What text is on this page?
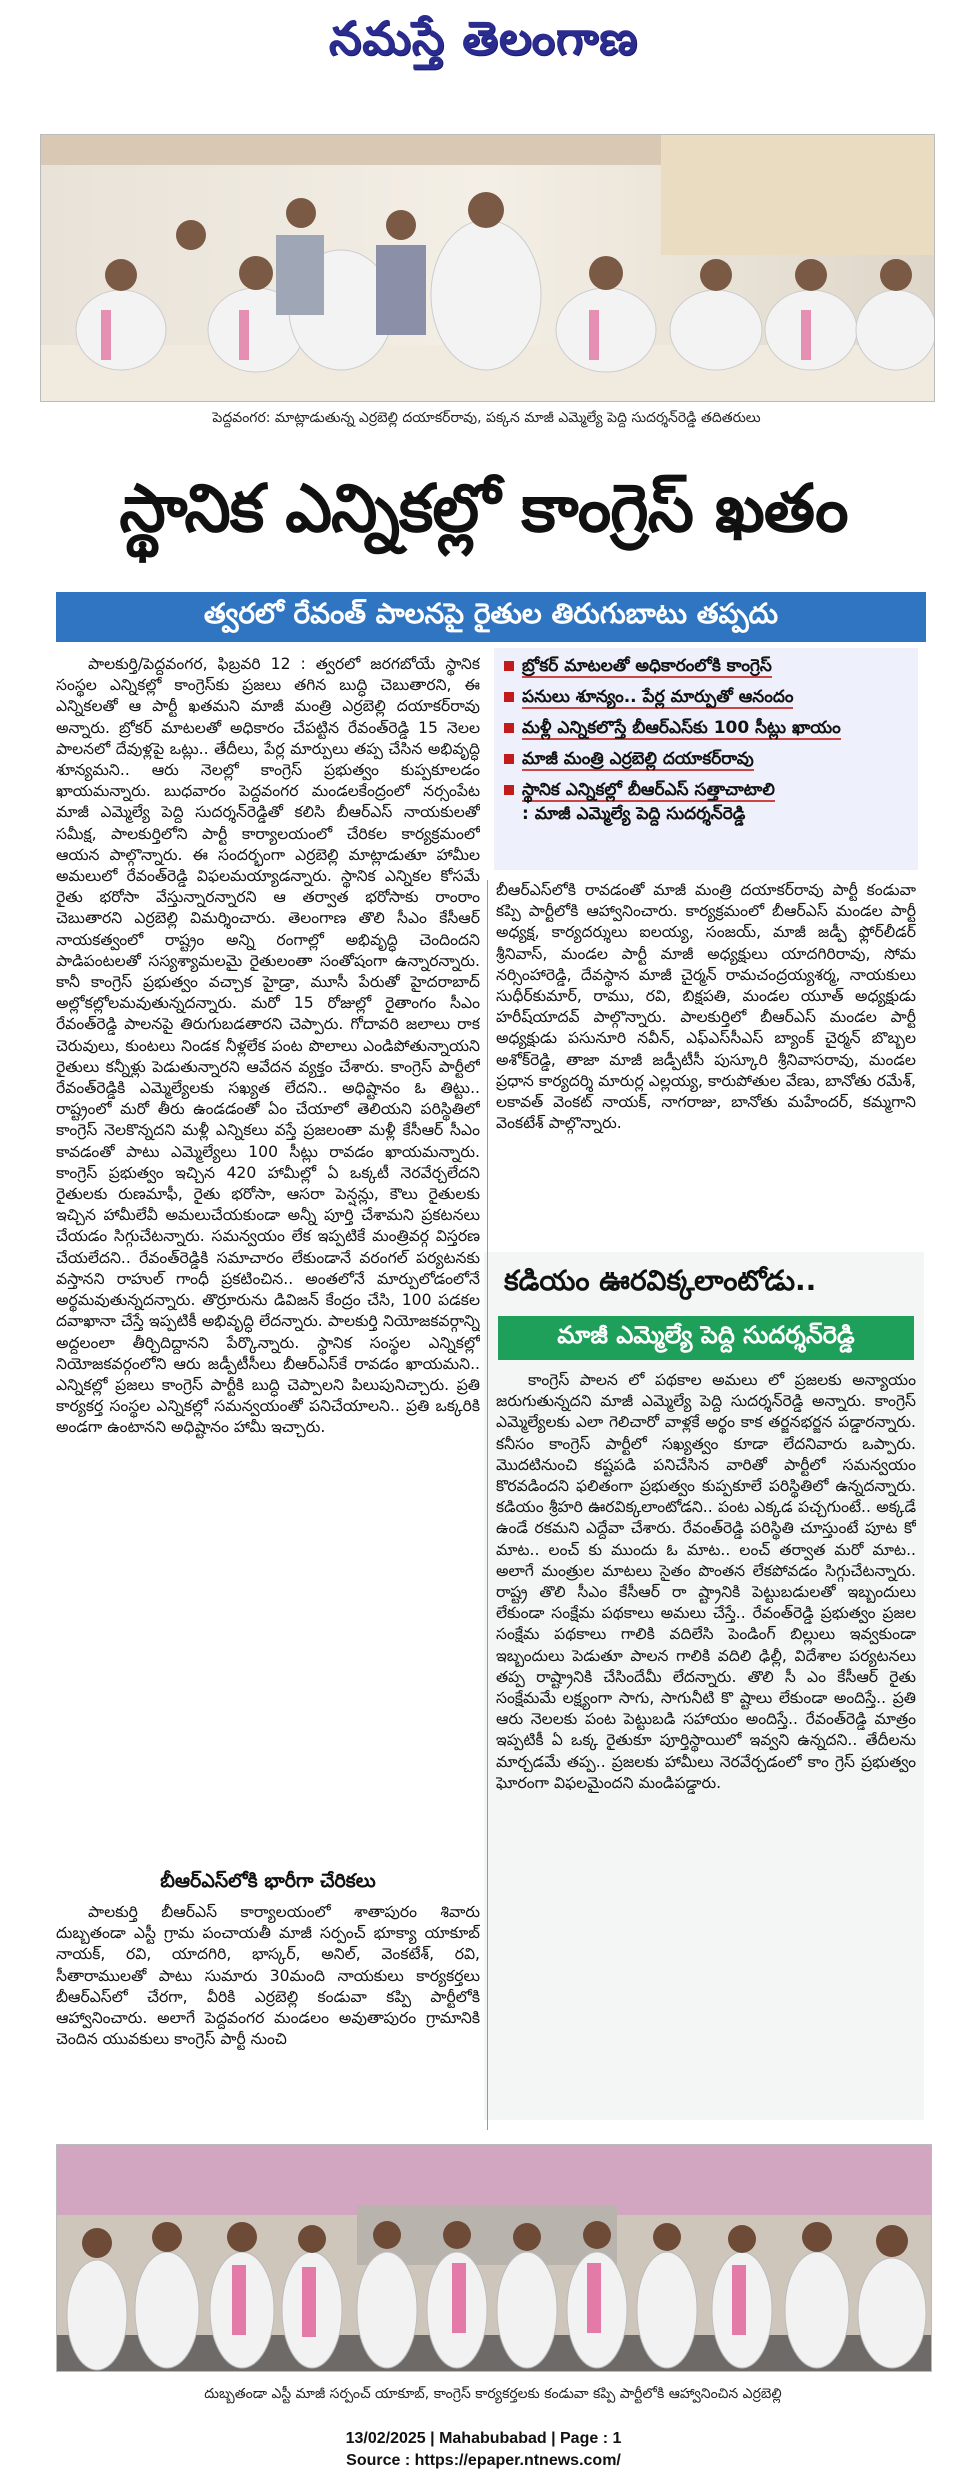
నమస్తే తెలంగాణ
పెద్దవంగర: మాట్లాడుతున్న ఎర్రబెల్లి దయాకర్‌రావు, పక్కన మాజీ ఎమ్మెల్యే పెద్ది సుదర్శన్‌రెడ్డి తదితరులు
స్థానిక ఎన్నికల్లో కాంగ్రెస్ ఖతం
త్వరలో రేవంత్ పాలనపై రైతుల తిరుగుబాటు తప్పదు

పాలకుర్తి/పెద్దవంగర, ఫిబ్రవరి 12 : త్వరలో జరగబోయే స్థానిక సంస్థల ఎన్నికల్లో కాంగ్రెస్‌కు ప్రజలు తగిన బుద్ధి చెబుతారని, ఈ ఎన్నికలతో ఆ పార్టీ ఖతమని మాజీ మంత్రి ఎర్రబెల్లి దయాకర్‌రావు అన్నారు. బ్రోకర్ మాటలతో అధికారం చేపట్టిన రేవంత్‌రెడ్డి 15 నెలల పాలనలో దేవుళ్లపై ఒట్లు.. తేదీలు, పేర్ల మార్పులు తప్ప చేసిన అభివృద్ధి శూన్యమని.. ఆరు నెలల్లో కాంగ్రెస్ ప్రభుత్వం కుప్పకూలడం ఖాయమన్నారు. బుధవారం పెద్దవంగర మండలకేంద్రంలో నర్సంపేట మాజీ ఎమ్మెల్యే పెద్ది సుదర్శన్‌రెడ్డితో కలిసి బీఆర్‌ఎస్ నాయకులతో సమీక్ష, పాలకుర్తిలోని పార్టీ కార్యాలయంలో చేరికల కార్యక్రమంలో ఆయన పాల్గొన్నారు. ఈ సందర్భంగా ఎర్రబెల్లి మాట్లాడుతూ హామీల అమలులో రేవంత్‌రెడ్డి విఫలమయ్యాడన్నారు. స్థానిక ఎన్నికల కోసమే రైతు భరోసా వేస్తున్నారన్నారని ఆ తర్వాత భరోసాకు రాంరాం చెబుతారని ఎర్రబెల్లి విమర్శించారు. తెలంగాణ తొలి సీఎం కేసీఆర్ నాయకత్వంలో రాష్ట్రం అన్ని రంగాల్లో అభివృద్ధి చెందిందని పాడిపంటలతో సస్యశ్యామలమై రైతులంతా సంతోషంగా ఉన్నారన్నారు. కానీ కాంగ్రెస్ ప్రభుత్వం వచ్చాక హైడ్రా, మూసీ పేరుతో హైదరాబాద్‌ అల్లోకల్లోలమవుతున్నదన్నారు. మరో 15 రోజుల్లో రైతాంగం సీఎం రేవంత్‌రెడ్డి పాలనపై తిరుగుబడతారని చెప్పారు. గోదావరి జలాలు రాక చెరువులు, కుంటలు నిండక నీళ్లలేక పంట పొలాలు ఎండిపోతున్నాయని రైతులు కన్నీళ్లు పెడుతున్నారని ఆవేదన వ్యక్తం చేశారు. కాంగ్రెస్ పార్టీలో రేవంత్‌రెడ్డికి ఎమ్మెల్యేలకు సఖ్యత లేదని.. అధిష్టానం ఓ తిట్టు.. రాష్ట్రంలో మరో తీరు ఉండడంతో ఏం చేయాలో తెలియని పరిస్థితిలో కాంగ్రెస్ నెలకొన్నదని మళ్లీ ఎన్నికలు వస్తే ప్రజలంతా మళ్లీ కేసీఆర్‌ సీఎం కావడంతో పాటు ఎమ్మెల్యేలు 100 సీట్లు రావడం ఖాయమన్నారు. కాంగ్రెస్ ప్రభుత్వం ఇచ్చిన 420 హామీల్లో ఏ ఒక్కటీ నెరవేర్చలేదని రైతులకు రుణమాఫీ, రైతు భరోసా, ఆసరా పెన్షన్లు, కౌలు రైతులకు ఇచ్చిన హామీలేవీ అమలుచేయకుండా అన్నీ పూర్తి చేశామని ప్రకటనలు చేయడం సిగ్గుచేటన్నారు. సమన్వయం లేక ఇప్పటికే మంత్రివర్గ విస్తరణ చేయలేదని.. రేవంత్‌రెడ్డికి సమాచారం లేకుండానే వరంగల్ పర్యటనకు వస్తానని రాహుల్ గాంధీ ప్రకటించిన.. అంతలోనే మార్పులోడంలోనే అర్థమవుతున్నదన్నారు. తొర్రూరును డివిజన్ కేంద్రం చేసి, 100 పడకల దవాఖానా చేస్తే ఇప్పటికీ అభివృద్ధి లేదన్నారు. పాలకుర్తి నియోజకవర్గాన్ని అద్దలంలా తీర్చిదిద్దానని పేర్కొన్నారు. స్థానిక సంస్థల ఎన్నికల్లో నియోజకవర్గంలోని ఆరు జడ్పీటీసీలు బీఆర్‌ఎస్‌కే రావడం ఖాయమని.. ఎన్నికల్లో ప్రజలు కాంగ్రెస్ పార్టీకి బుద్ధి చెప్పాలని పిలుపునిచ్చారు. ప్రతి కార్యకర్త సంస్థల ఎన్నికల్లో సమన్వయంతో పనిచేయాలని.. ప్రతి ఒక్కరికి అండగా ఉంటానని అధిష్టానం హామీ ఇచ్చారు.

బ్రోకర్ మాటలతో అధికారంలోకి కాంగ్రెస్
పనులు శూన్యం.. పేర్ల మార్పుతో ఆనందం
మళ్లీ ఎన్నికలొస్తే బీఆర్‌ఎస్‌కు 100 సీట్లు ఖాయం
మాజీ మంత్రి ఎర్రబెల్లి దయాకర్‌రావు
స్థానిక ఎన్నికల్లో బీఆర్‌ఎస్ సత్తాచాటాలి
: మాజీ ఎమ్మెల్యే పెద్ది సుదర్శన్‌రెడ్డి

బీఆర్‌ఎస్‌లోకి రావడంతో మాజీ మంత్రి దయాకర్‌రావు పార్టీ కండువా కప్పి పార్టీలోకి ఆహ్వానించారు. కార్యక్రమంలో బీఆర్‌ఎస్ మండల పార్టీ అధ్యక్ష, కార్యదర్శులు ఐలయ్య, సంజయ్, మాజీ జడ్పీ ఫ్లోర్‌లీడర్ శ్రీనివాస్, మండల పార్టీ మాజీ అధ్యక్షులు యాదగిరిరావు, సోమ నర్సింహారెడ్డి, దేవస్థాన మాజీ చైర్మన్ రామచంద్రయ్యశర్మ, నాయకులు సుధీర్‌కుమార్, రాము, రవి, బిక్షపతి, మండల యూత్ అధ్యక్షుడు హరీష్‌యాదవ్ పాల్గొన్నారు. పాలకుర్తిలో బీఆర్‌ఎస్ మండల పార్టీ అధ్యక్షుడు పసునూరి నవీన్, ఎఫ్‌ఎస్‌సీఎస్ బ్యాంక్ చైర్మన్ బొబ్బల అశోక్‌రెడ్డి, తాజా మాజీ జడ్పీటీసీ పుస్కూరి శ్రీనివాసరావు, మండల ప్రధాన కార్యదర్శి మారుర్ల ఎల్లయ్య, కారుపోతుల వేణు, బానోతు రమేశ్, లకావత్ వెంకట్ నాయక్, నాగరాజు, బానోతు మహేందర్, కమ్మగాని వెంకటేశ్ పాల్గొన్నారు.

బీఆర్‌ఎస్‌లోకి భారీగా చేరికలు

పాలకుర్తి బీఆర్‌ఎస్ కార్యాలయంలో శాతాపురం శివారు దుబ్బతండా ఎస్టీ గ్రామ పంచాయతీ మాజీ సర్పంచ్ భూక్యా యాకూబ్ నాయక్, రవి, యాదగిరి, భాస్కర్, అనిల్, వెంకటేశ్, రవి, సీతారాములతో పాటు సుమారు 30మంది నాయకులు కార్యకర్తలు బీఆర్‌ఎస్‌లో చేరగా, వీరికి ఎర్రబెల్లి కండువా కప్పి పార్టీలోకి ఆహ్వానించారు. అలాగే పెద్దవంగర మండలం అవుతాపురం గ్రామానికి చెందిన యువకులు కాంగ్రెస్ పార్టీ నుంచి

కడియం ఊరవిక్కలాంటోడు..
మాజీ ఎమ్మెల్యే పెద్ది సుదర్శన్‌రెడ్డి

కాంగ్రెస్ పాలన లో పథకాల అమలు లో ప్రజలకు అన్యాయం జరుగుతున్నదని మాజీ ఎమ్మెల్యే పెద్ది సుదర్శన్‌రెడ్డి అన్నారు. కాంగ్రెస్ ఎమ్మెల్యేలకు ఎలా గెలిచారో వాళ్లకే అర్థం కాక తర్జనభర్జన పడ్డారన్నారు. కనీసం కాంగ్రెస్ పార్టీలో సఖ్యత్వం కూడా లేదనివారు ఒప్పారు. మొదటినుంచి కష్టపడి పనిచేసిన వారితో పార్టీలో సమన్వయం కొరవడిందని ఫలితంగా ప్రభుత్వం కుప్పకూలే పరిస్థితిలో ఉన్నదన్నారు. కడియం శ్రీహరి ఊరవిక్కలాంటోడని.. పంట ఎక్కడ పచ్చగుంటే.. అక్కడే ఉండే రకమని ఎద్దేవా చేశారు. రేవంత్‌రెడ్డి పరిస్థితి చూస్తుంటే పూట కో మాట.. లంచ్ కు ముందు ఓ మాట.. లంచ్ తర్వాత మరో మాట.. అలాగే మంత్రుల మాటలు సైతం పొంతన లేకపోవడం సిగ్గుచేటన్నారు. రాష్ట్ర తొలి సీఎం కేసీఆర్ రా ష్ట్రానికి పెట్టుబడులతో ఇబ్బందులు లేకుండా సంక్షేమ పథకాలు అమలు చేస్తే.. రేవంత్‌రెడ్డి ప్రభుత్వం ప్రజల సంక్షేమ పథకాలు గాలికి వదిలేసి పెండింగ్ బిల్లులు ఇవ్వకుండా ఇబ్బందులు పెడుతూ పాలన గాలికి వదిలి ఢిల్లీ, విదేశాల పర్యటనలు తప్ప రాష్ట్రానికి చేసిందేమీ లేదన్నారు. తొలి సీ ఎం కేసీఆర్ రైతు సంక్షేమమే లక్ష్యంగా సాగు, సాగునీటి కొ ష్టాలు లేకుండా అందిస్తే.. ప్రతి ఆరు నెలలకు పంట పెట్టుబడి సహాయం అందిస్తే.. రేవంత్‌రెడ్డి మాత్రం ఇప్పటికీ ఏ ఒక్క రైతుకూ పూర్తిస్థాయిలో ఇవ్వని ఉన్నదని.. తేదీలను మార్చడమే తప్ప.. ప్రజలకు హామీలు నెరవేర్చడంలో కాం గ్రెస్ ప్రభుత్వం ఘోరంగా విఫలమైందని మండిపడ్డారు.

దుబ్బతండా ఎస్టీ మాజీ సర్పంచ్ యాకూబ్, కాంగ్రెస్ కార్యకర్తలకు కండువా కప్పి పార్టీలోకి ఆహ్వానించిన ఎర్రబెల్లి
13/02/2025 | Mahabubabad | Page : 1
Source : https://epaper.ntnews.com/
